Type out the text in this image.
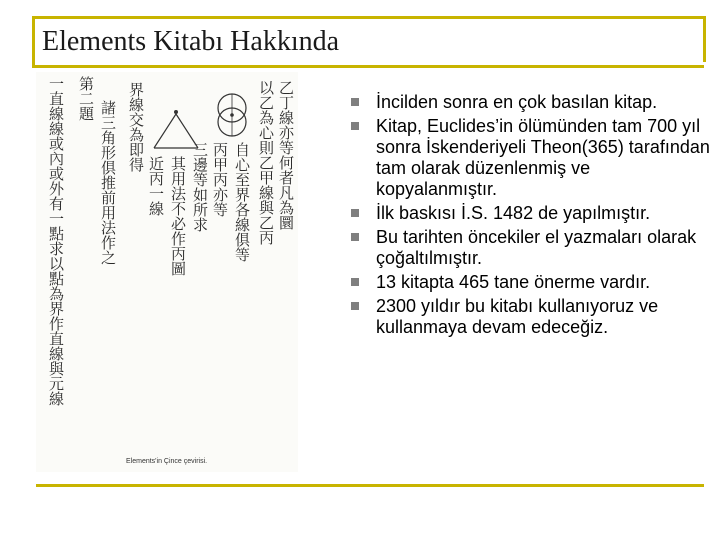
Elements Kitabı Hakkında
一直線線或內或外有一點求以點為界作直線與元線 第二題
諸三角形俱推前用法作之 界線交為即得
近丙一線 其用法不必作丙圖 三邊等如所求 丙甲丙亦等 自心至界各線俱等 以乙為心則乙甲線與乙丙 乙丁線亦等何者凡為圜
Elements'in Çince çevirisi.
İncilden sonra en çok basılan kitap.
Kitap, Euclides’in ölümünden tam 700 yıl sonra İskenderiyeli Theon(365) tarafından tam olarak düzenlenmiş ve kopyalanmıştır.
İlk baskısı İ.S. 1482 de yapılmıştır.
Bu tarihten öncekiler el yazmaları olarak çoğaltılmıştır.
13 kitapta 465 tane önerme vardır.
2300 yıldır bu kitabı kullanıyoruz ve kullanmaya devam edeceğiz.
